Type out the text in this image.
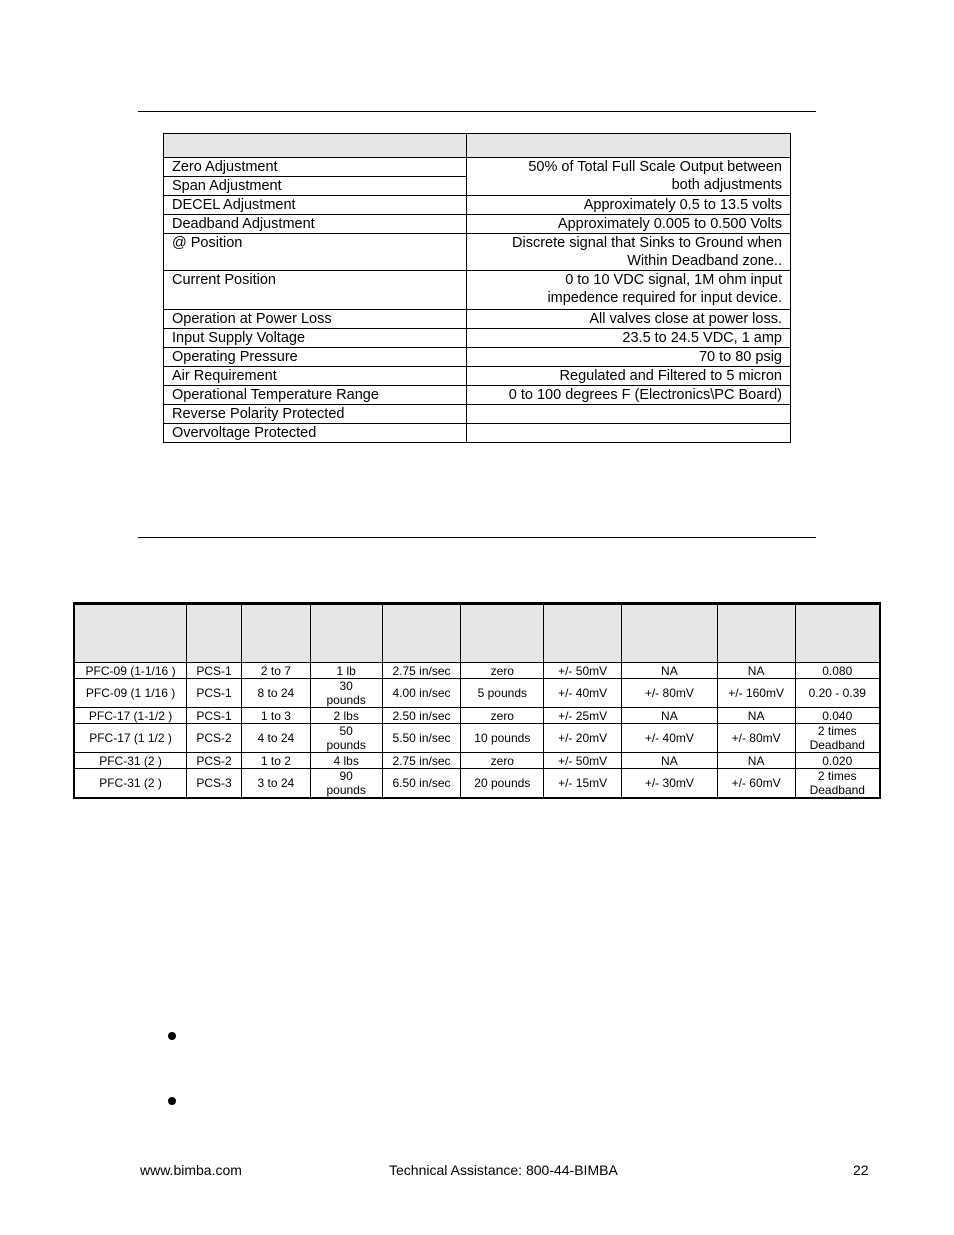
Zero Adjustment	50% of Total Full Scale Output between
both adjustments

Span Adjustment	
DECEL Adjustment	Approximately 0.5 to 13.5 volts
Deadband Adjustment	Approximately 0.005 to 0.500 Volts
@ Position	Discrete signal that Sinks to Ground when
Within Deadband zone..

Current Position	0 to 10 VDC signal, 1M ohm input
impedence required for input device.

Operation at Power Loss	All valves close at power loss.
Input Supply Voltage	23.5 to 24.5 VDC, 1 amp
Operating Pressure	70 to 80 psig
Air Requirement	Regulated and Filtered to 5 micron
Operational Temperature Range	0 to 100 degrees F (Electronics\PC Board)
Reverse Polarity Protected	
Overvoltage Protected	

PFC-09 (1-1/16 )	PCS-1	2 to 7	1 lb	2.75 in/sec	zero	+/- 50mV	NA	NA	0.080
PFC-09 (1 1/16 )	PCS-1	8 to 24	30
pounds	4.00 in/sec	5 pounds	+/- 40mV	+/- 80mV	+/- 160mV	0.20 - 0.39
PFC-17 (1-1/2 )	PCS-1	1 to 3	2 lbs	2.50 in/sec	zero	+/- 25mV	NA	NA	0.040
PFC-17 (1 1/2 )	PCS-2	4 to 24	50
pounds	5.50 in/sec	10 pounds	+/- 20mV	+/- 40mV	+/- 80mV	2 times
Deadband
PFC-31 (2 )	PCS-2	1 to 2	4 lbs	2.75 in/sec	zero	+/- 50mV	NA	NA	0.020
PFC-31 (2 )	PCS-3	3 to 24	90
pounds	6.50 in/sec	20 pounds	+/- 15mV	+/- 30mV	+/- 60mV	2 times
Deadband
www.bimba.com	Technical Assistance: 800-44-BIMBA	22
